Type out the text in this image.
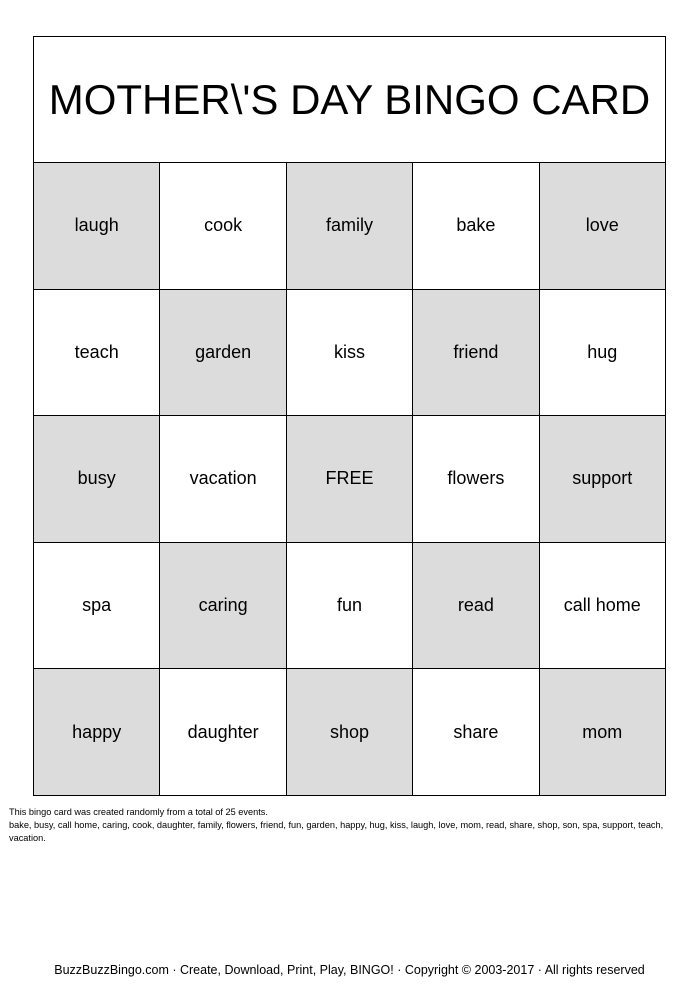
MOTHER\'S DAY BINGO CARD
laugh	cook	family	bake	love
teach	garden	kiss	friend	hug
busy	vacation	FREE	flowers	support
spa	caring	fun	read	call home
happy	daughter	shop	share	mom
This bingo card was created randomly from a total of 25 events.
bake, busy, call home, caring, cook, daughter, family, flowers, friend, fun, garden, happy, hug, kiss, laugh, love, mom, read, share, shop, son, spa, support, teach,
vacation.
BuzzBuzzBingo.com · Create, Download, Print, Play, BINGO! · Copyright © 2003-2017 · All rights reserved
